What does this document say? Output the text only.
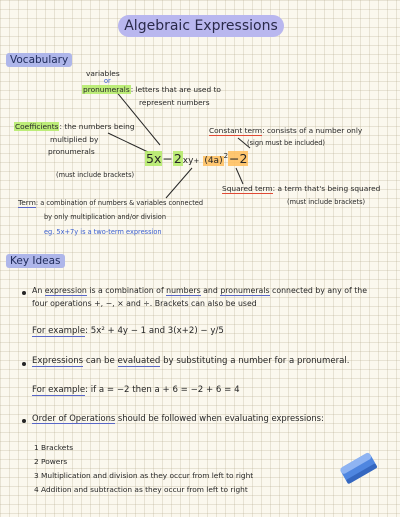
Algebraic Expressions
Vocabulary
variables
or
pronumerals: letters that are used to
represent numbers
Coefficients: the numbers being
multiplied by
pronumerals
(must include brackets)
$5x-2xy+ (4a)^2-2$
Constant term: consists of a number only
(sign must be included)
Squared term: a term that's being squared
(must include brackets)
Term: a combination of numbers & variables connected
by only multiplication and/or division
eg. 5x+7y is a two-term expression
Key Ideas
An expression is a combination of numbers and pronumerals connected by any of the
four operations +, −, × and ÷. Brackets can also be used
For example: 5x² + 4y − 1 and 3(x+2) − y/5
Expressions can be evaluated by substituting a number for a pronumeral.
For example: if a = −2 then a + 6 = −2 + 6 = 4
Order of Operations should be followed when evaluating expressions:
1 Brackets
2 Powers
3 Multiplication and division as they occur from left to right
4 Addition and subtraction as they occur from left to right
